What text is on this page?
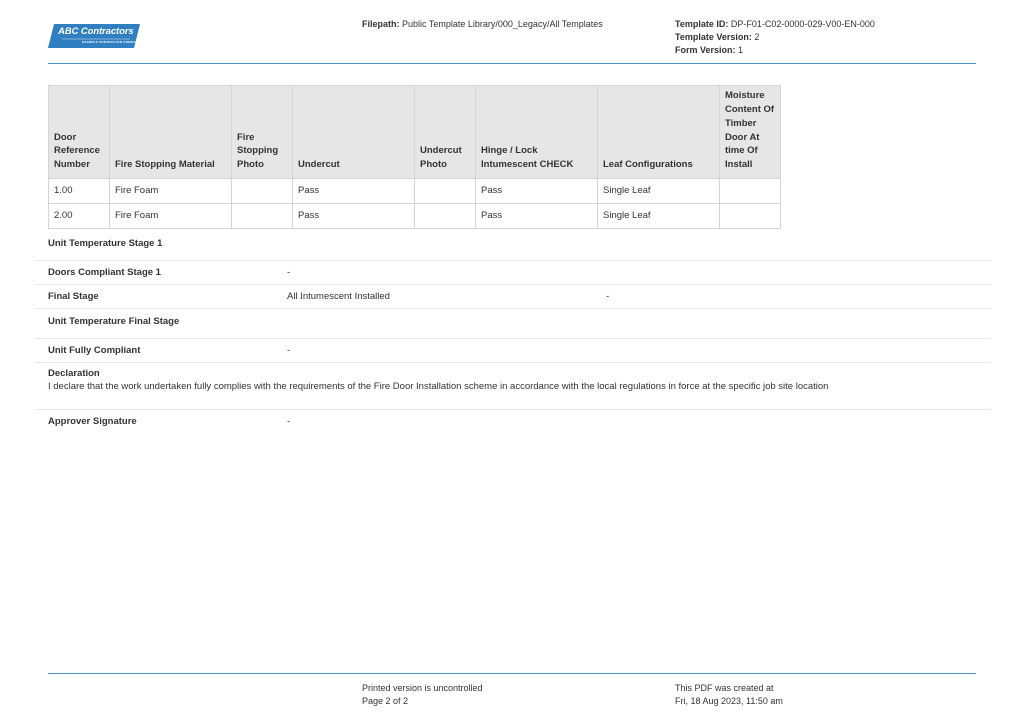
ABC Contractors
EXAMPLE CONTRACTOR COMPANY
Filepath: Public Template Library/000_Legacy/All Templates	Template ID: DP-F01-C02-0000-029-V00-EN-000
Template Version: 2
Form Version: 1
Door Reference Number	Fire Stopping Material	Fire Stopping Photo	Undercut	Undercut Photo	Hinge / Lock Intumescent CHECK	Leaf Configurations	Moisture Content Of Timber Door At time Of Install
1.00	Fire Foam		Pass		Pass	Single Leaf	
2.00	Fire Foam		Pass		Pass	Single Leaf	
Unit Temperature Stage 1
Doors Compliant Stage 1	-
Final Stage	All Intumescent Installed	-
Unit Temperature Final Stage
Unit Fully Compliant	-
Declaration
I declare that the work undertaken fully complies with the requirements of the Fire Door Installation scheme in accordance with the local regulations in force at the specific job site location
Approver Signature	-
Printed version is uncontrolled
Page 2 of 2
This PDF was created at
Fri, 18 Aug 2023, 11:50 am
